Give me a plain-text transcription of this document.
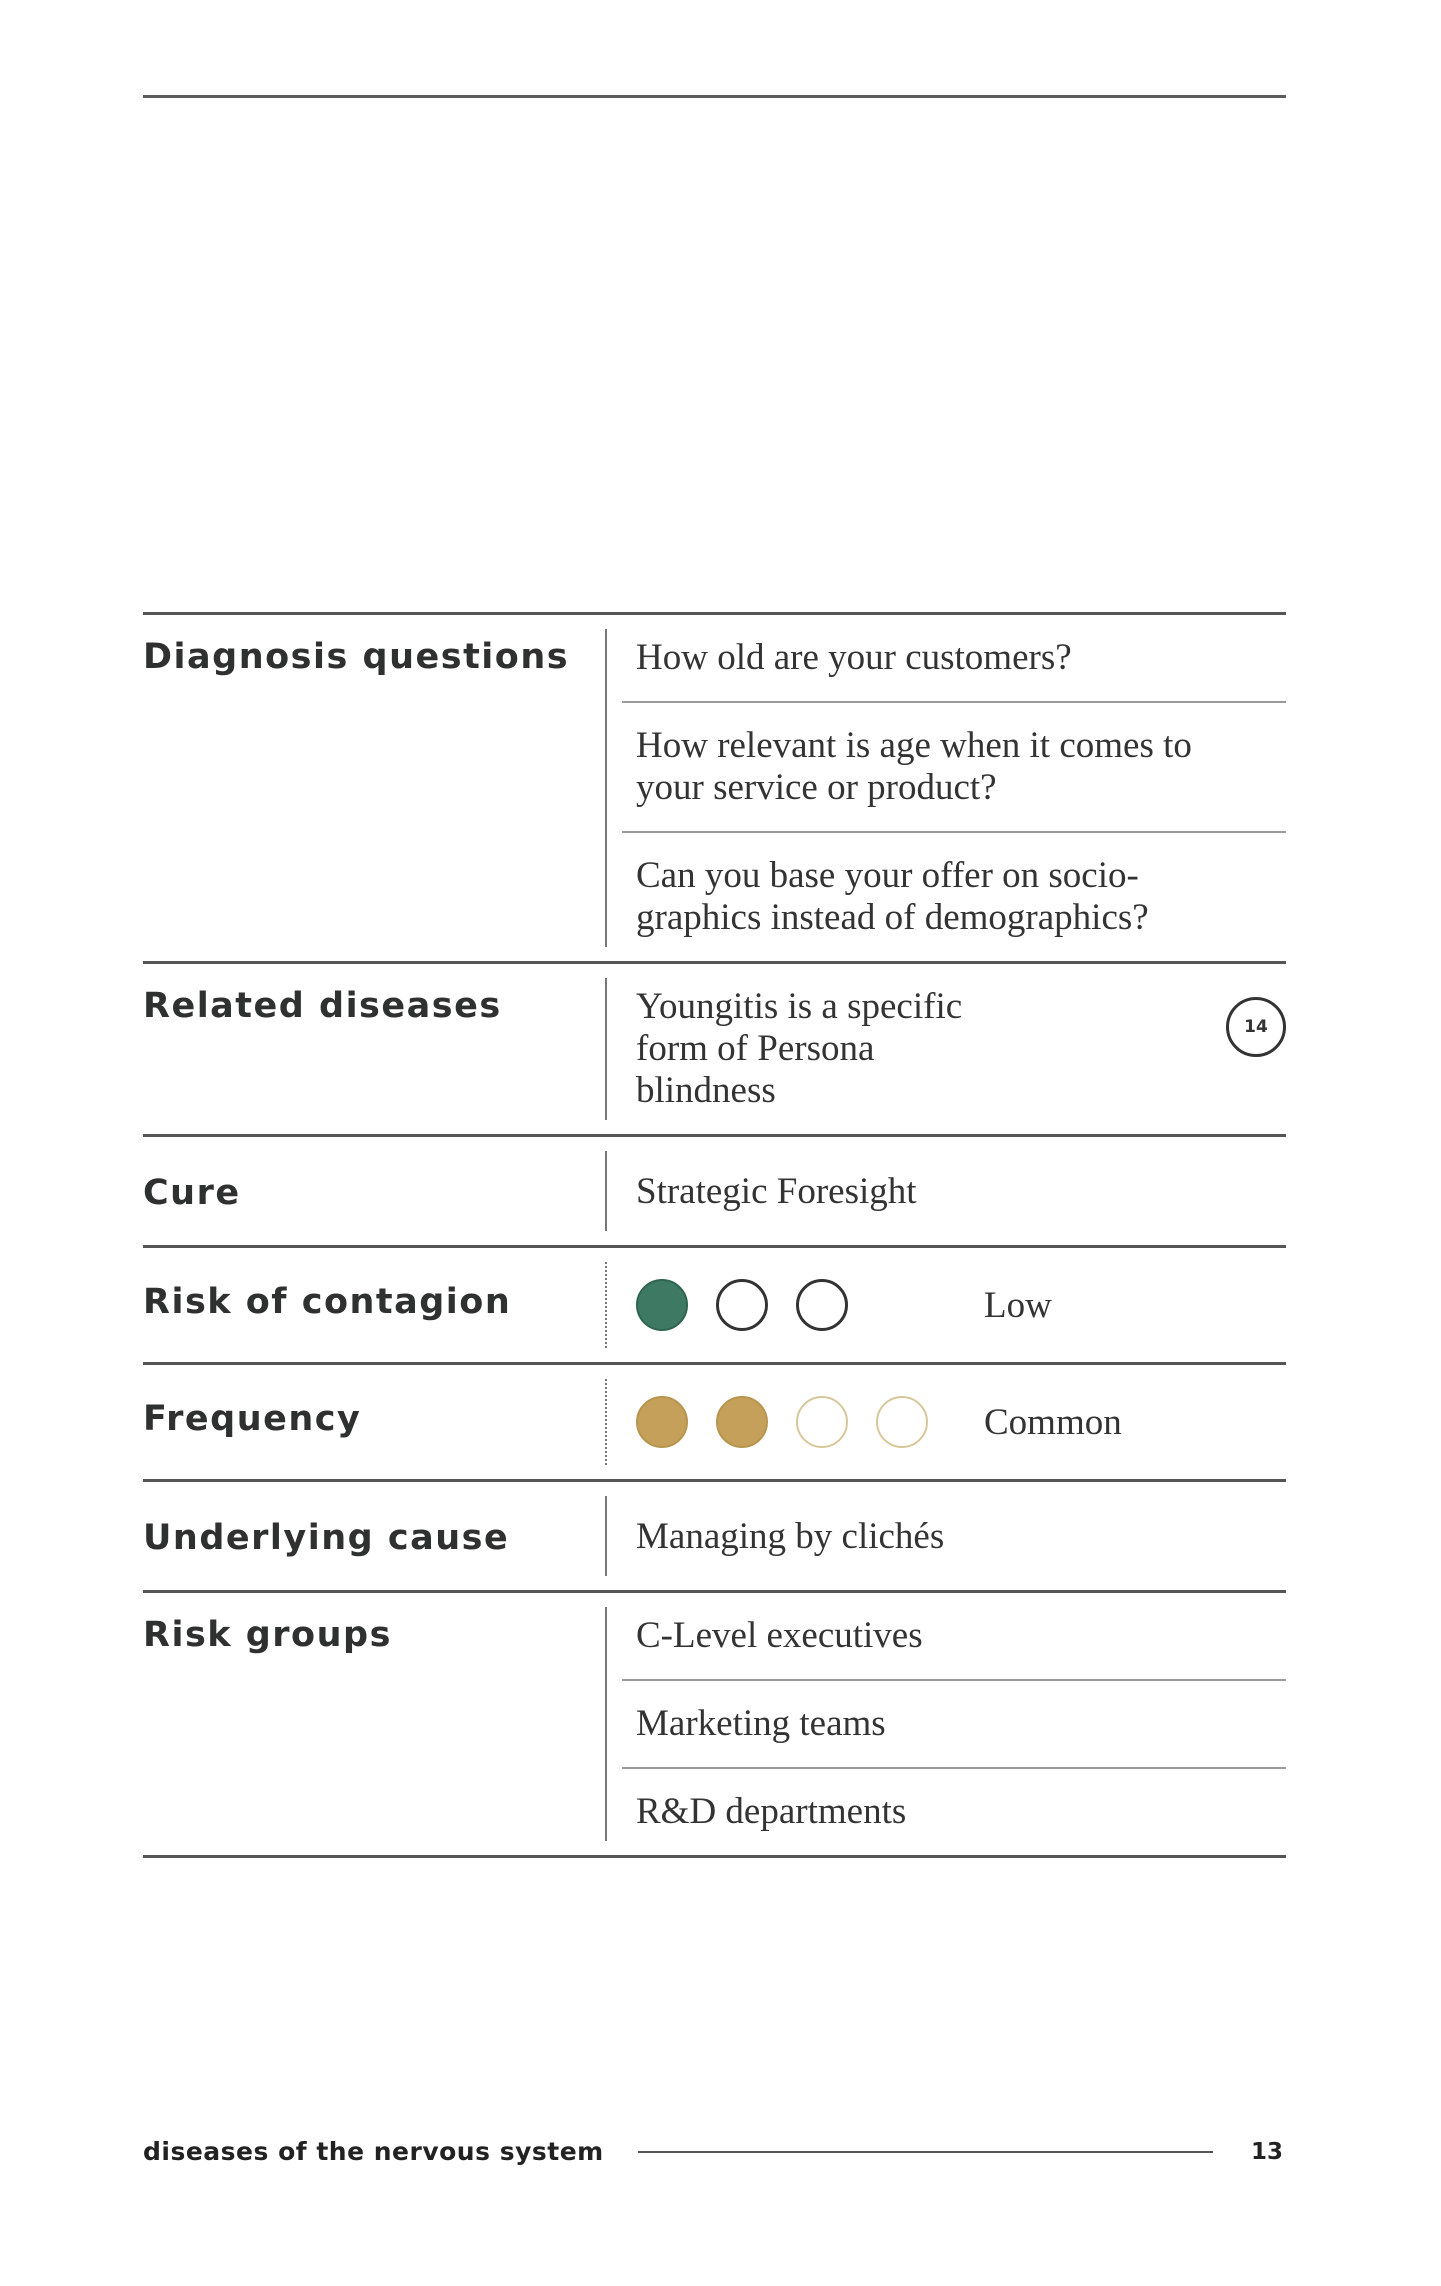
Diagnosis questions	How old are your customers?
How relevant is age when it comes to your service or product?
Can you base your offer on socio-graphics instead of demographics?
Related diseases	Youngitis is a specific form of Persona blindness
14
Cure	Strategic Foresight
Risk of contagion	Low
Frequency	Common
Underlying cause	Managing by clichés
Risk groups	C-Level executives
Marketing teams
R&D departments
diseases of the nervous system	13
